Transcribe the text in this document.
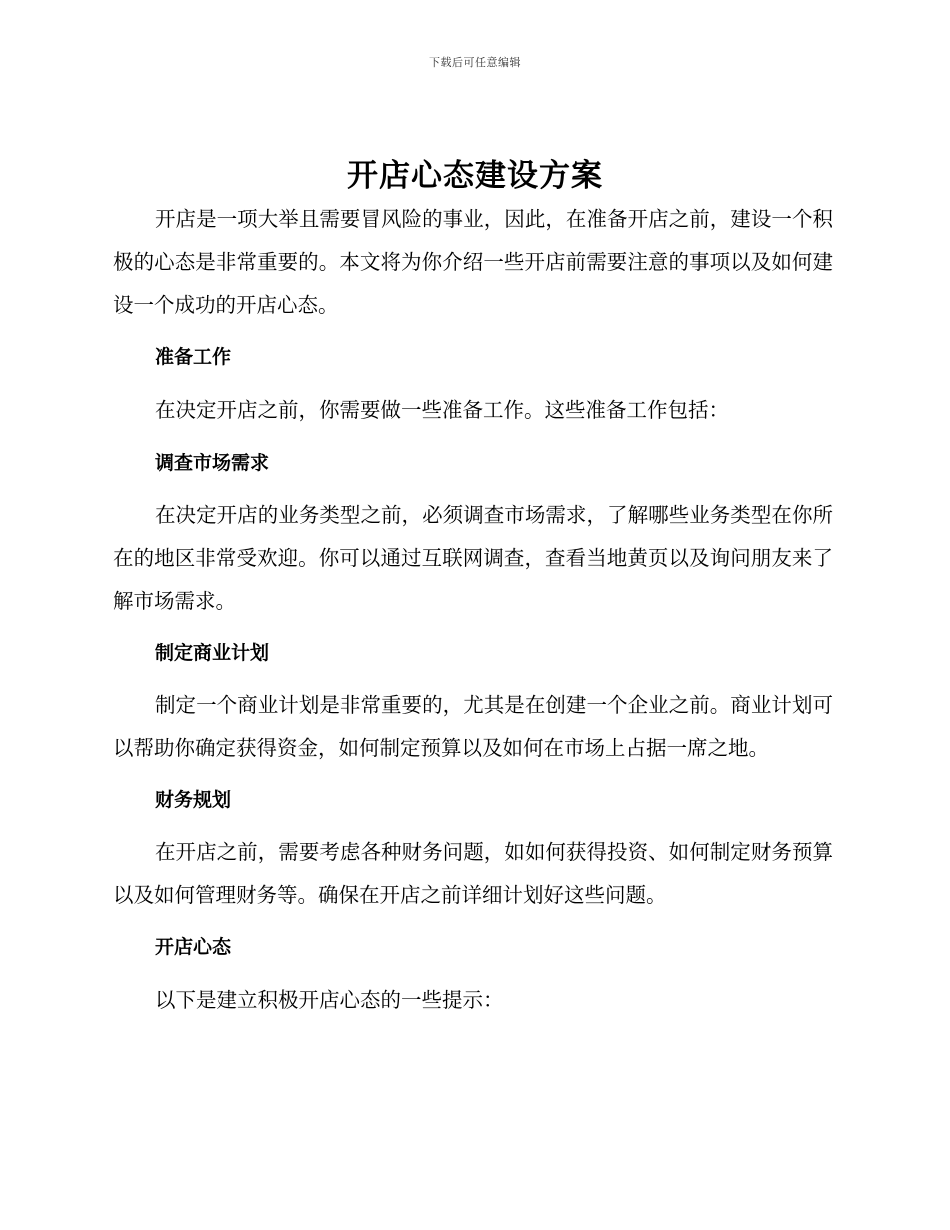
下载后可任意编辑
开店心态建设方案

开店是一项大举且需要冒风险的事业，因此，在准备开店之前，建设一个积极的心态是非常重要的。本文将为你介绍一些开店前需要注意的事项以及如何建设一个成功的开店心态。

准备工作

在决定开店之前，你需要做一些准备工作。这些准备工作包括：

调查市场需求

在决定开店的业务类型之前，必须调查市场需求，了解哪些业务类型在你所在的地区非常受欢迎。你可以通过互联网调查，查看当地黄页以及询问朋友来了解市场需求。

制定商业计划

制定一个商业计划是非常重要的，尤其是在创建一个企业之前。商业计划可以帮助你确定获得资金，如何制定预算以及如何在市场上占据一席之地。

财务规划

在开店之前，需要考虑各种财务问题，如如何获得投资、如何制定财务预算以及如何管理财务等。确保在开店之前详细计划好这些问题。

开店心态

以下是建立积极开店心态的一些提示：
